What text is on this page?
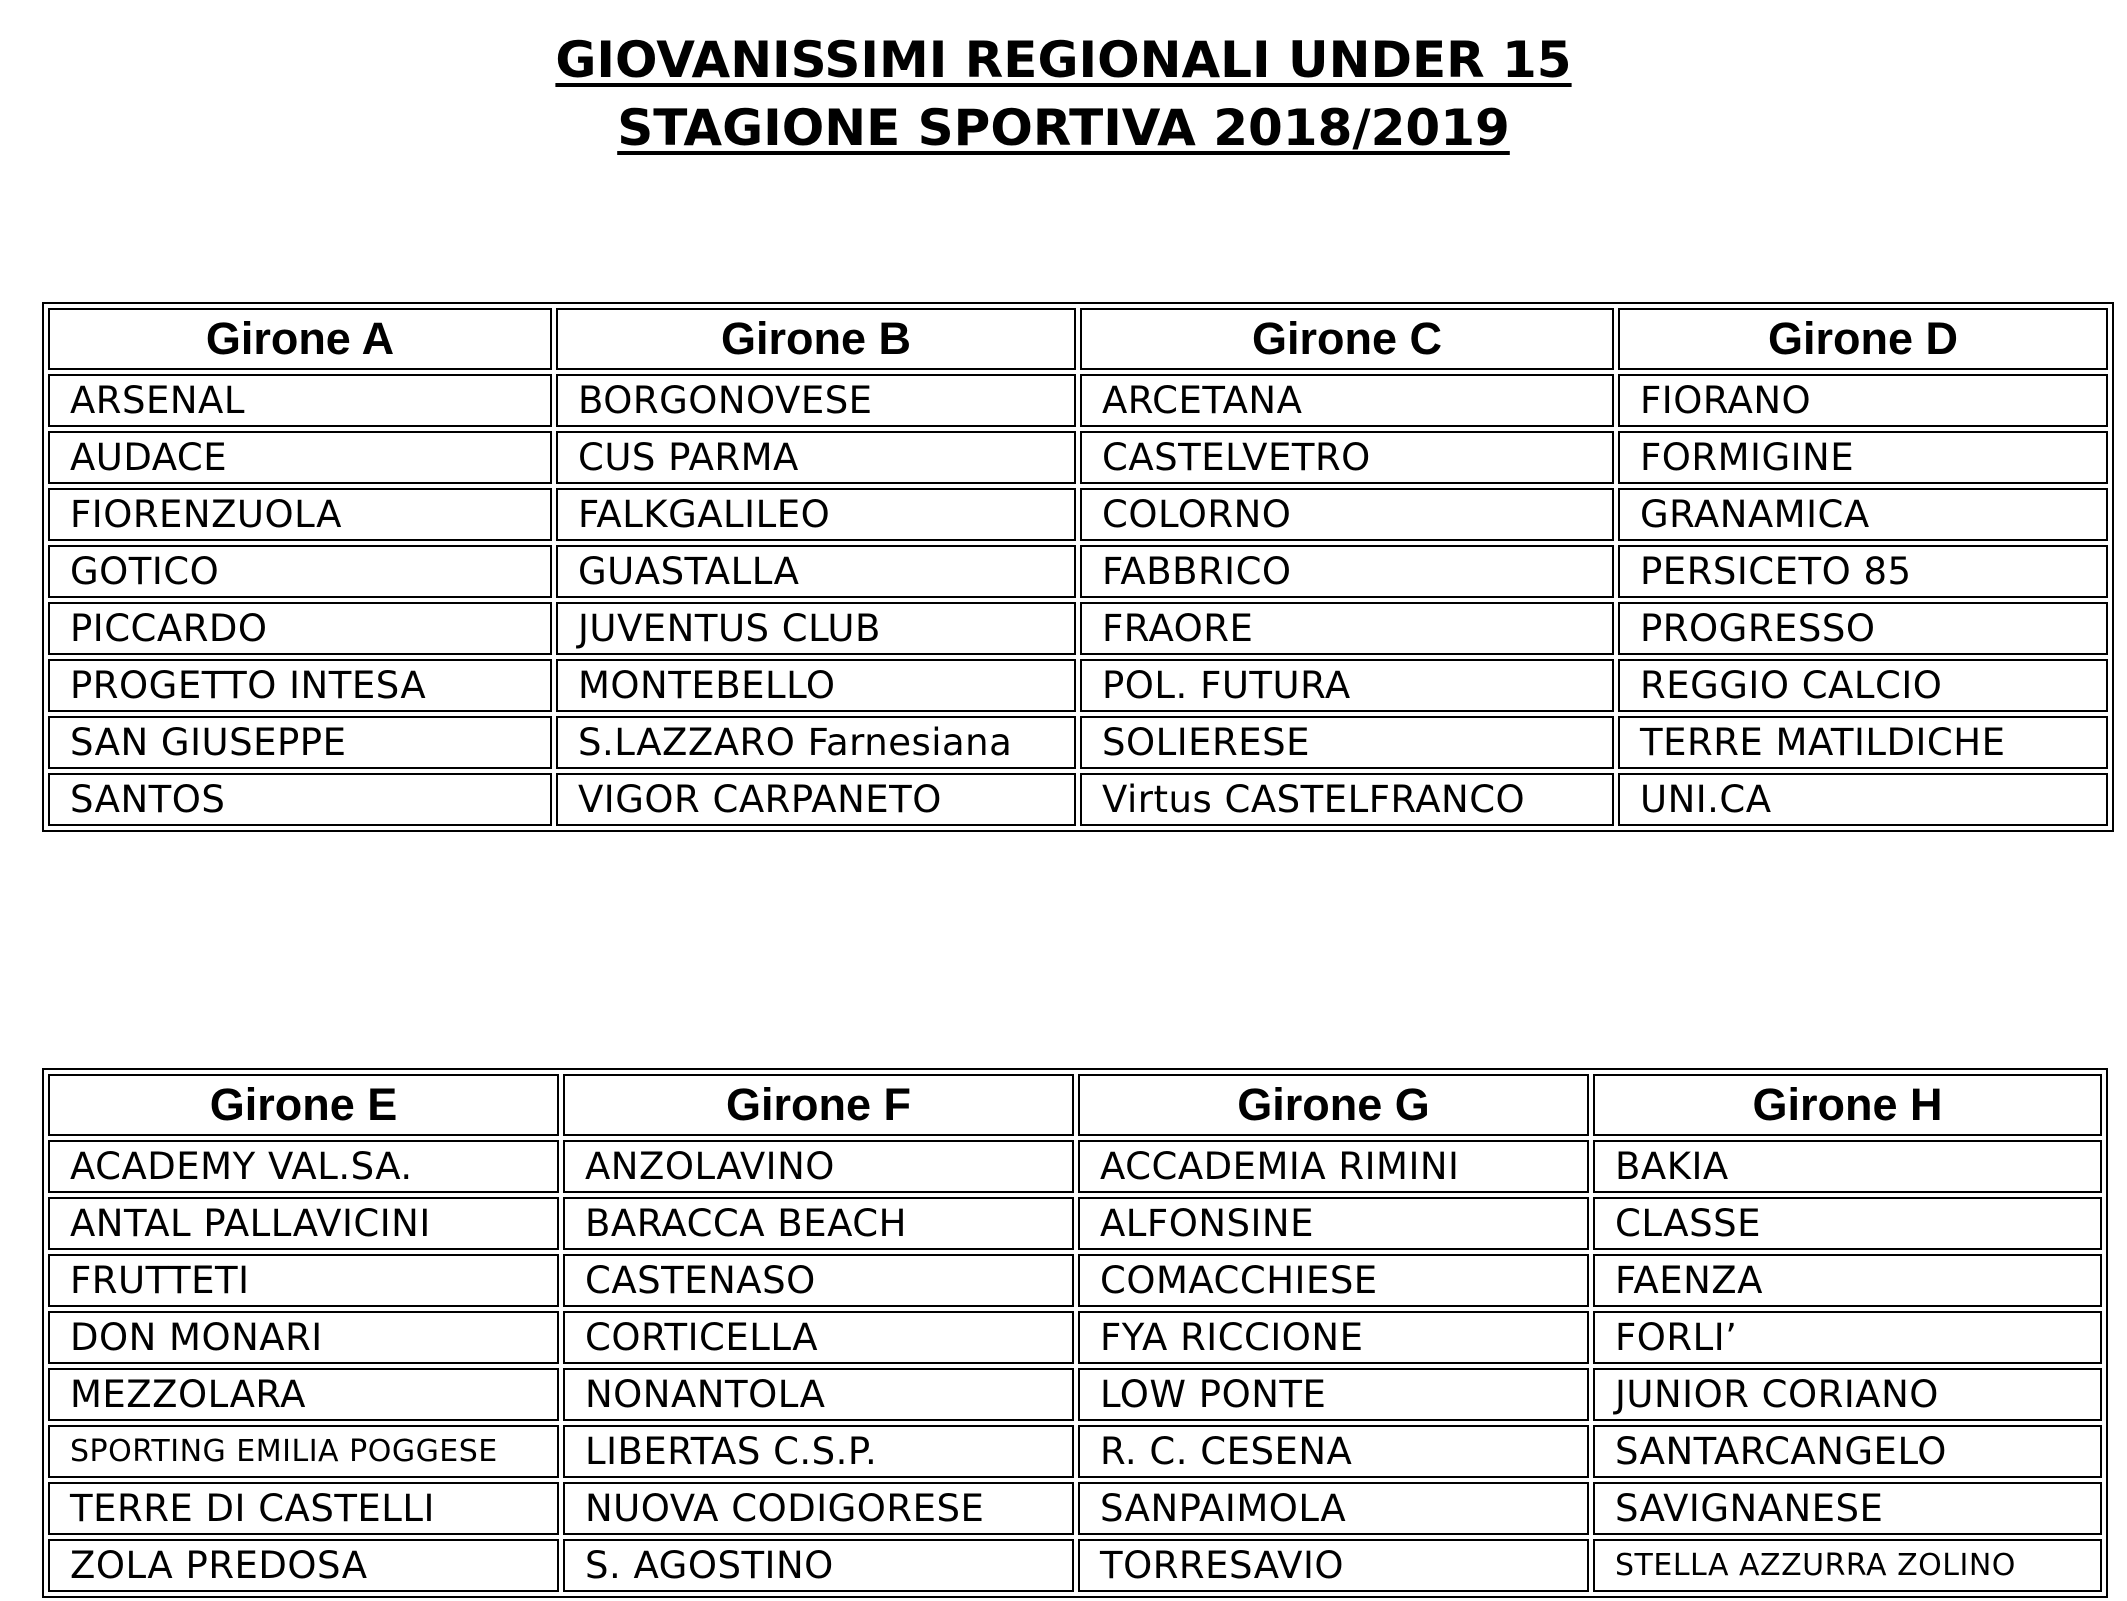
GIOVANISSIMI REGIONALI UNDER 15
STAGIONE SPORTIVA 2018/2019
Girone A	Girone B	Girone C	Girone D
ARSENAL	BORGONOVESE	ARCETANA	FIORANO
AUDACE	CUS PARMA	CASTELVETRO	FORMIGINE
FIORENZUOLA	FALKGALILEO	COLORNO	GRANAMICA
GOTICO	GUASTALLA	FABBRICO	PERSICETO 85
PICCARDO	JUVENTUS CLUB	FRAORE	PROGRESSO
PROGETTO INTESA	MONTEBELLO	POL. FUTURA	REGGIO CALCIO
SAN GIUSEPPE	S.LAZZARO Farnesiana	SOLIERESE	TERRE MATILDICHE
SANTOS	VIGOR CARPANETO	Virtus CASTELFRANCO	UNI.CA
Girone E	Girone F	Girone G	Girone H
ACADEMY VAL.SA.	ANZOLAVINO	ACCADEMIA RIMINI	BAKIA
ANTAL PALLAVICINI	BARACCA BEACH	ALFONSINE	CLASSE
FRUTTETI	CASTENASO	COMACCHIESE	FAENZA
DON MONARI	CORTICELLA	FYA RICCIONE	FORLI’
MEZZOLARA	NONANTOLA	LOW PONTE	JUNIOR CORIANO
SPORTING EMILIA POGGESE	LIBERTAS C.S.P.	R. C. CESENA	SANTARCANGELO
TERRE DI CASTELLI	NUOVA CODIGORESE	SANPAIMOLA	SAVIGNANESE
ZOLA PREDOSA	S. AGOSTINO	TORRESAVIO	STELLA AZZURRA ZOLINO
